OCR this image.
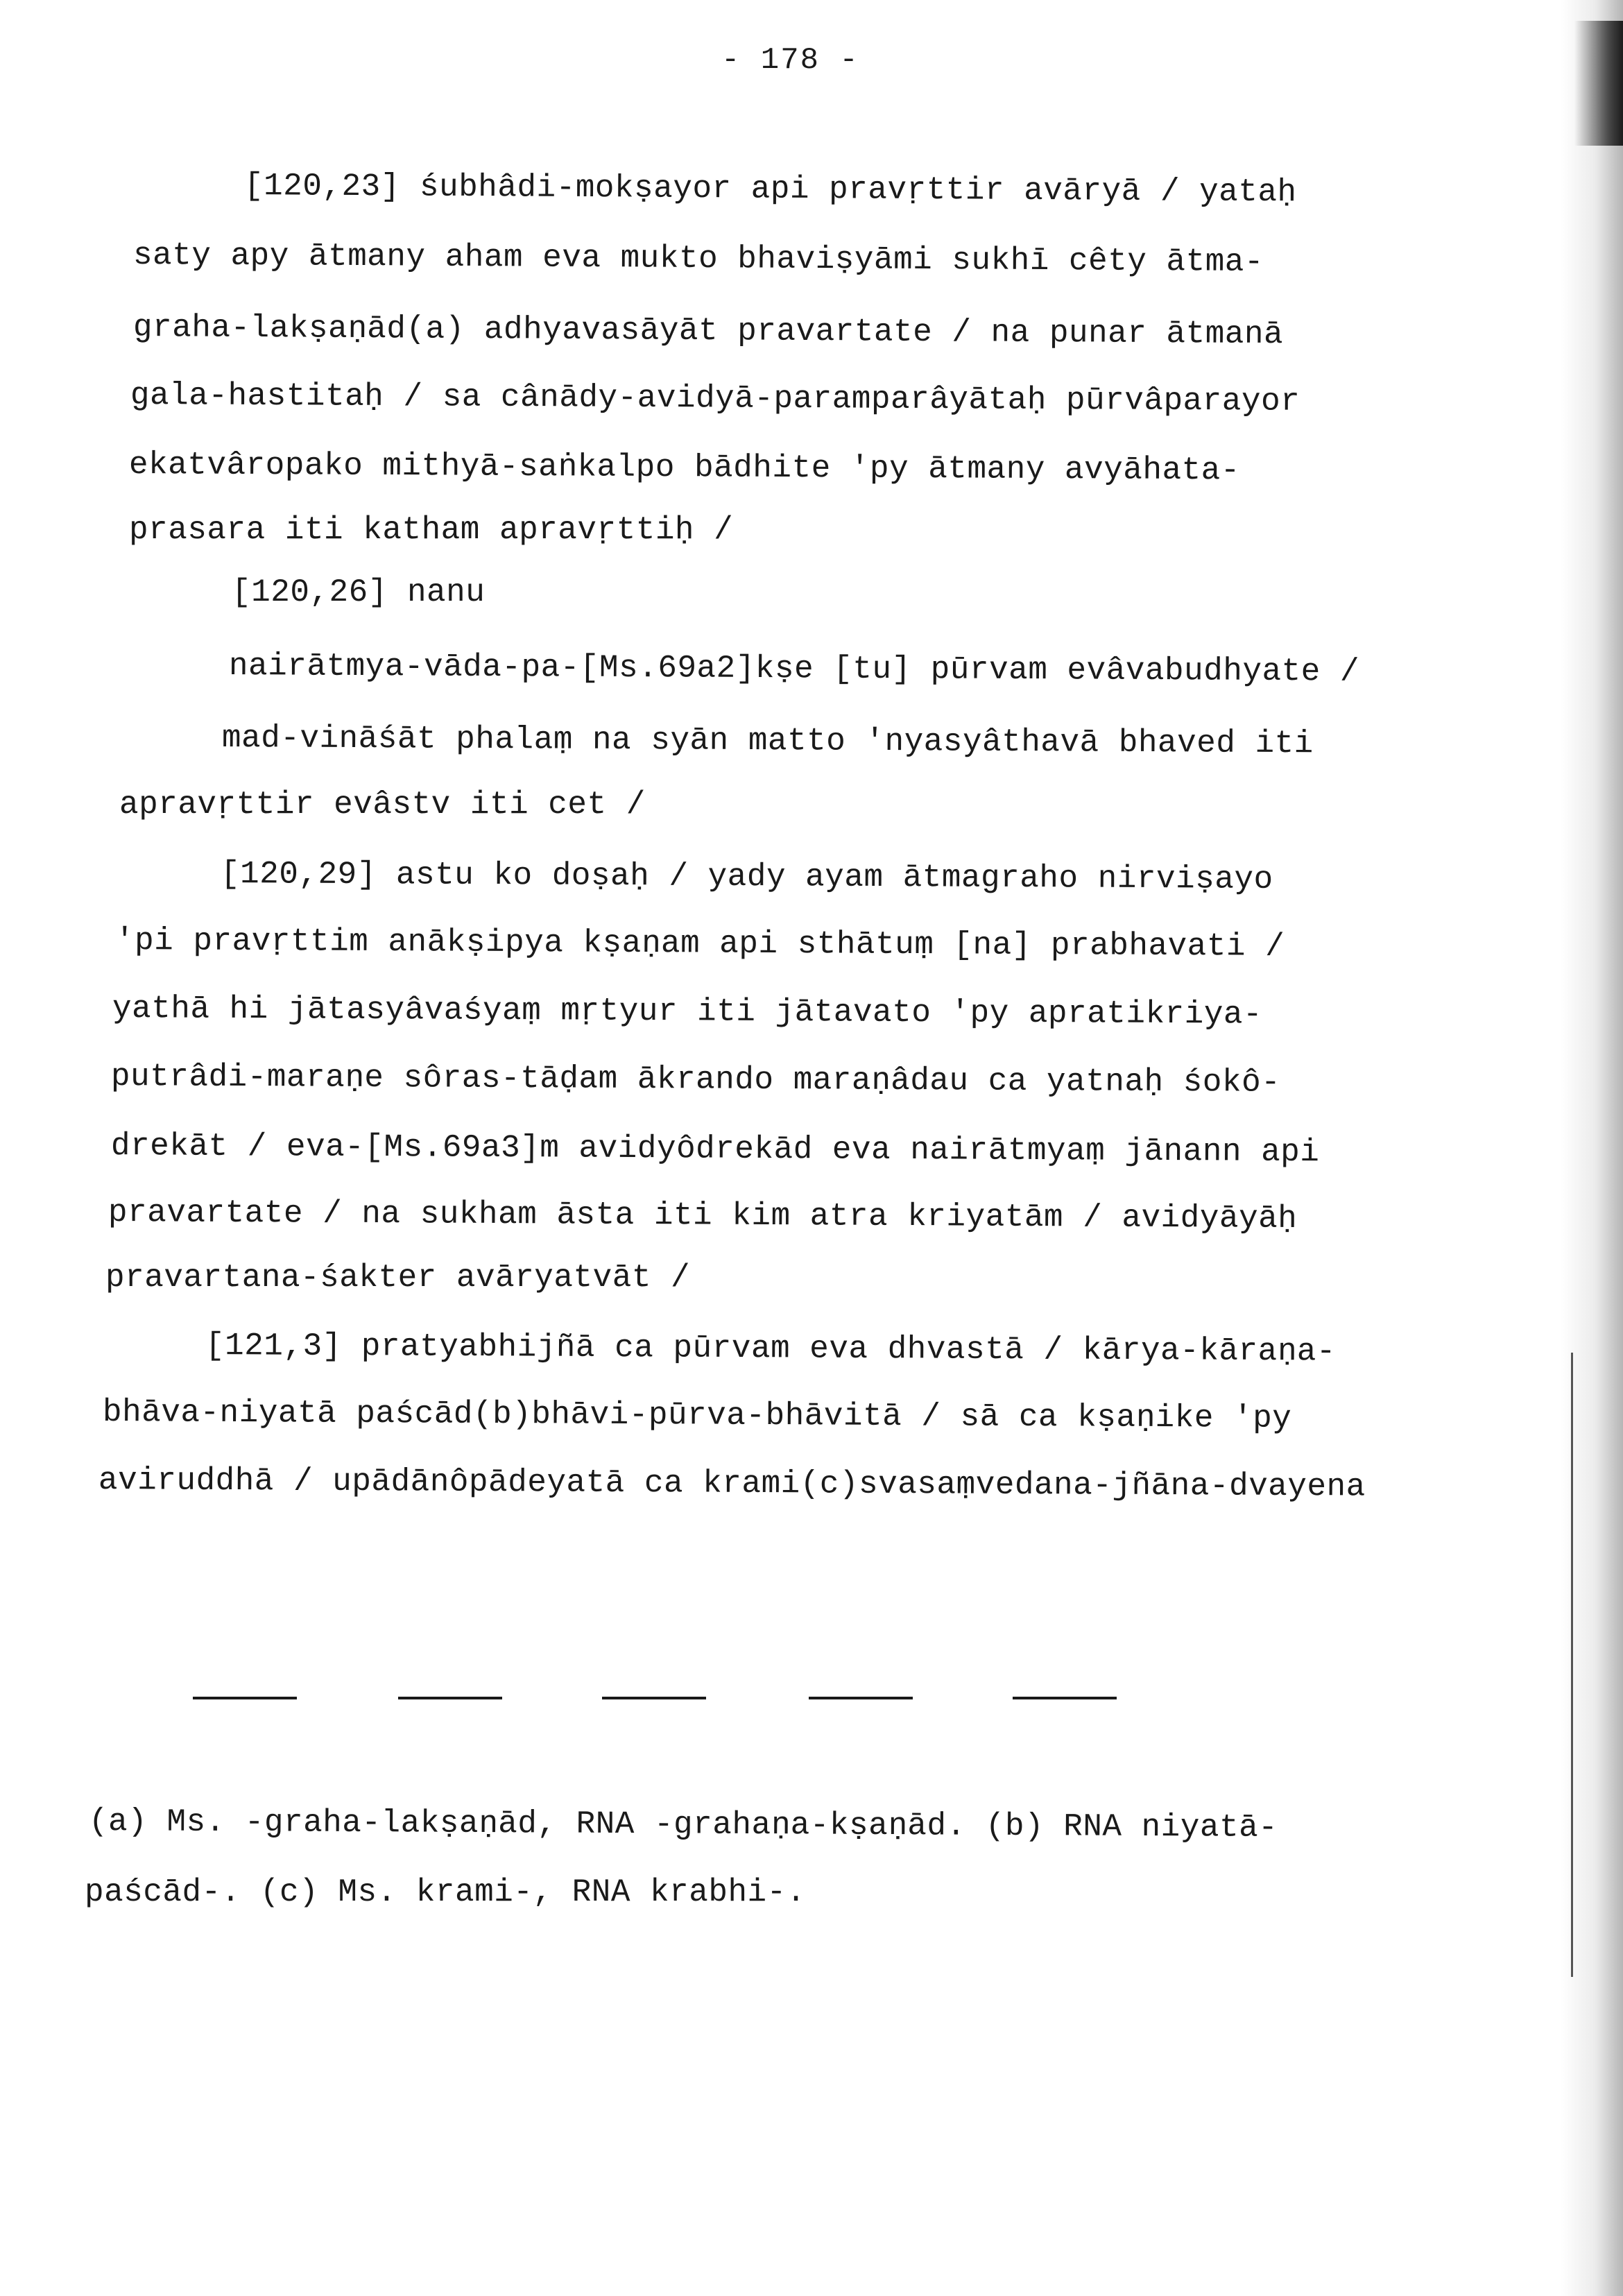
- 178 -
[120,23] śubhâdi-mokṣayor api pravṛttir avāryā / yataḥ
saty apy ātmany aham eva mukto bhaviṣyāmi sukhī cêty ātma-
graha-lakṣaṇād(a) adhyavasāyāt pravartate / na punar ātmanā
gala-hastitaḥ / sa cânādy-avidyā-paramparâyātaḥ pūrvâparayor
ekatvâropako mithyā-saṅkalpo bādhite 'py ātmany avyāhata-
prasara iti katham apravṛttiḥ /
[120,26] nanu
nairātmya-vāda-pa-[Ms.69a2]kṣe [tu] pūrvam evâvabudhyate /
mad-vināśāt phalaṃ na syān matto 'nyasyâthavā bhaved iti
apravṛttir evâstv iti cet /
[120,29] astu ko doṣaḥ / yady ayam ātmagraho nirviṣayo
'pi pravṛttim anākṣipya kṣaṇam api sthātuṃ [na] prabhavati /
yathā hi jātasyâvaśyaṃ mṛtyur iti jātavato 'py apratikriya-
putrâdi-maraṇe sôras-tāḍam ākrando maraṇâdau ca yatnaḥ śokô-
drekāt / eva-[Ms.69a3]m avidyôdrekād eva nairātmyaṃ jānann api
pravartate / na sukham āsta iti kim atra kriyatām / avidyāyāḥ
pravartana-śakter avāryatvāt /
[121,3] pratyabhijñā ca pūrvam eva dhvastā / kārya-kāraṇa-
bhāva-niyatā paścād(b)bhāvi-pūrva-bhāvitā / sā ca kṣaṇike 'py
aviruddhā / upādānôpādeyatā ca krami(c)svasaṃvedana-jñāna-dvayena
(a) Ms. -graha-lakṣaṇād, RNA -grahaṇa-kṣaṇād. (b) RNA niyatā-
paścād-. (c) Ms. krami-, RNA krabhi-.
